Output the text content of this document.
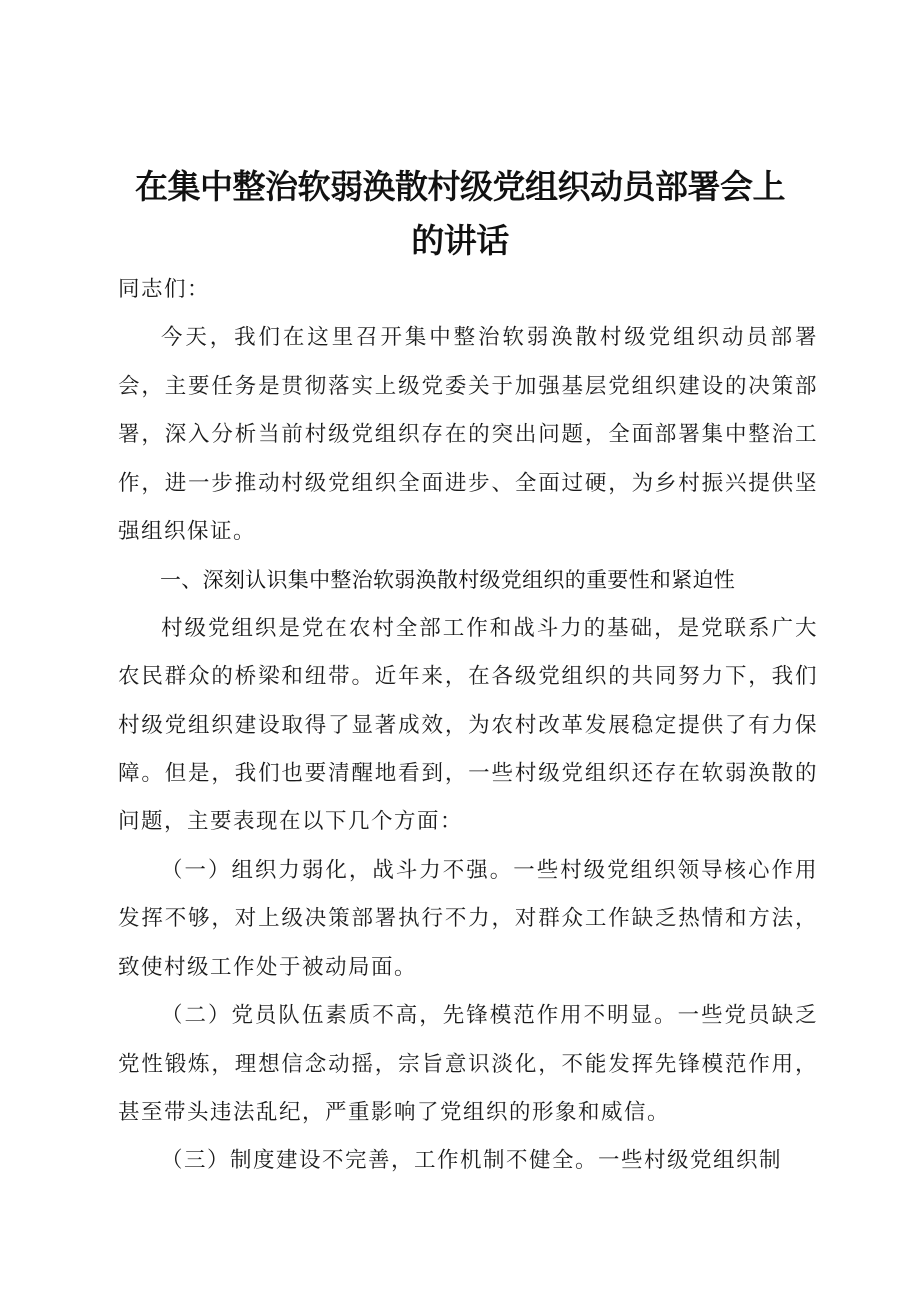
在集中整治软弱涣散村级党组织动员部署会上
的讲话

同志们：

今天，我们在这里召开集中整治软弱涣散村级党组织动员部署会，主要任务是贯彻落实上级党委关于加强基层党组织建设的决策部署，深入分析当前村级党组织存在的突出问题，全面部署集中整治工作，进一步推动村级党组织全面进步、全面过硬，为乡村振兴提供坚强组织保证。

一、深刻认识集中整治软弱涣散村级党组织的重要性和紧迫性

村级党组织是党在农村全部工作和战斗力的基础，是党联系广大农民群众的桥梁和纽带。近年来，在各级党组织的共同努力下，我们村级党组织建设取得了显著成效，为农村改革发展稳定提供了有力保障。但是，我们也要清醒地看到，一些村级党组织还存在软弱涣散的问题，主要表现在以下几个方面：

（一）组织力弱化，战斗力不强。一些村级党组织领导核心作用发挥不够，对上级决策部署执行不力，对群众工作缺乏热情和方法，致使村级工作处于被动局面。

（二）党员队伍素质不高，先锋模范作用不明显。一些党员缺乏党性锻炼，理想信念动摇，宗旨意识淡化，不能发挥先锋模范作用，甚至带头违法乱纪，严重影响了党组织的形象和威信。

（三）制度建设不完善，工作机制不健全。一些村级党组织制
